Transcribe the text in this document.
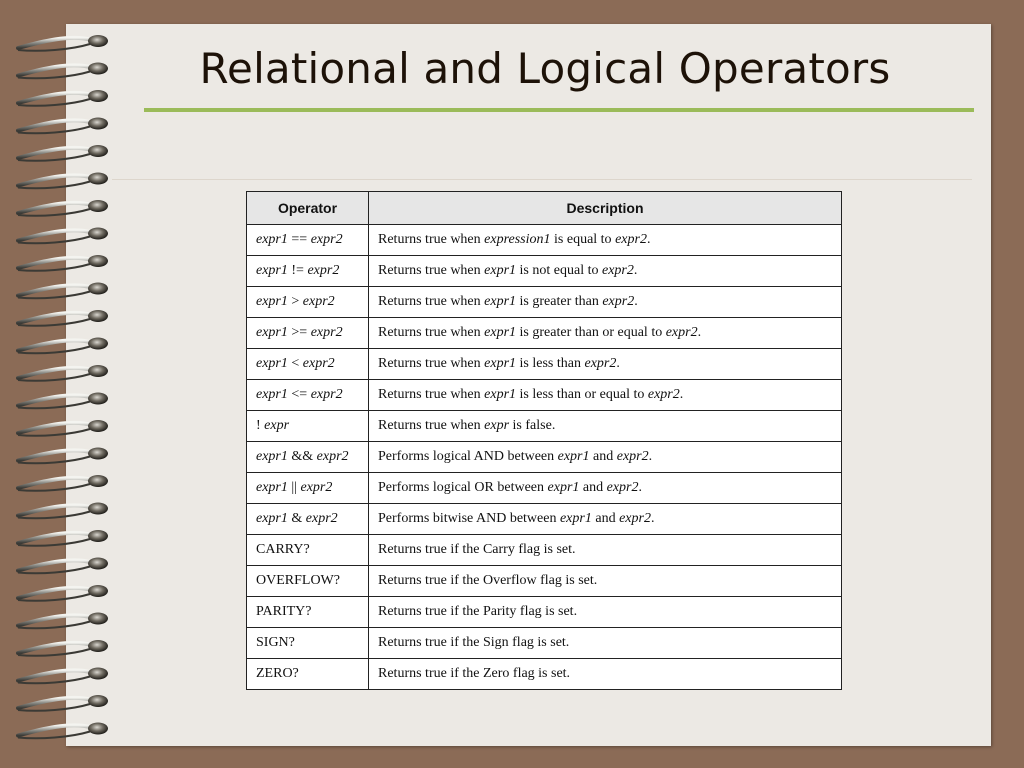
Relational and Logical Operators
Operator	Description
expr1 == expr2	Returns true when expression1 is equal to expr2.
expr1 != expr2	Returns true when expr1 is not equal to expr2.
expr1 > expr2	Returns true when expr1 is greater than expr2.
expr1 >= expr2	Returns true when expr1 is greater than or equal to expr2.
expr1 < expr2	Returns true when expr1 is less than expr2.
expr1 <= expr2	Returns true when expr1 is less than or equal to expr2.
! expr	Returns true when expr is false.
expr1 && expr2	Performs logical AND between expr1 and expr2.
expr1 || expr2	Performs logical OR between expr1 and expr2.
expr1 & expr2	Performs bitwise AND between expr1 and expr2.
CARRY?	Returns true if the Carry flag is set.
OVERFLOW?	Returns true if the Overflow flag is set.
PARITY?	Returns true if the Parity flag is set.
SIGN?	Returns true if the Sign flag is set.
ZERO?	Returns true if the Zero flag is set.
